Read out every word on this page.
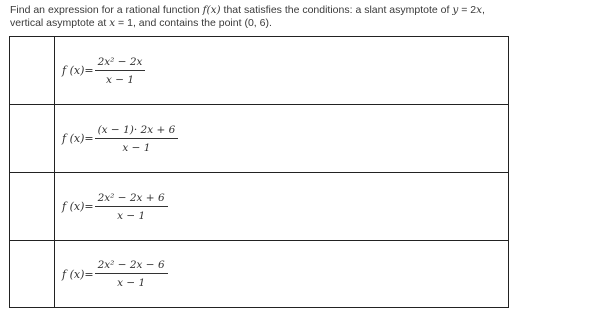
Find an expression for a rational function f(x) that satisfies the conditions: a slant asymptote of y = 2x,
vertical asymptote at x = 1, and contains the point (0, 6).
f $(x)= \frac{\text{2x² − 2x}}{x - 1}$
f $(x)= \frac{(x - 1)\cdot 2x + 6}{x - 1}$
f $(x)= \frac{\text{2x² − 2x + 6}}{x - 1}$
f $(x)= \frac{\text{2x² − 2x − 6}}{x - 1}$
